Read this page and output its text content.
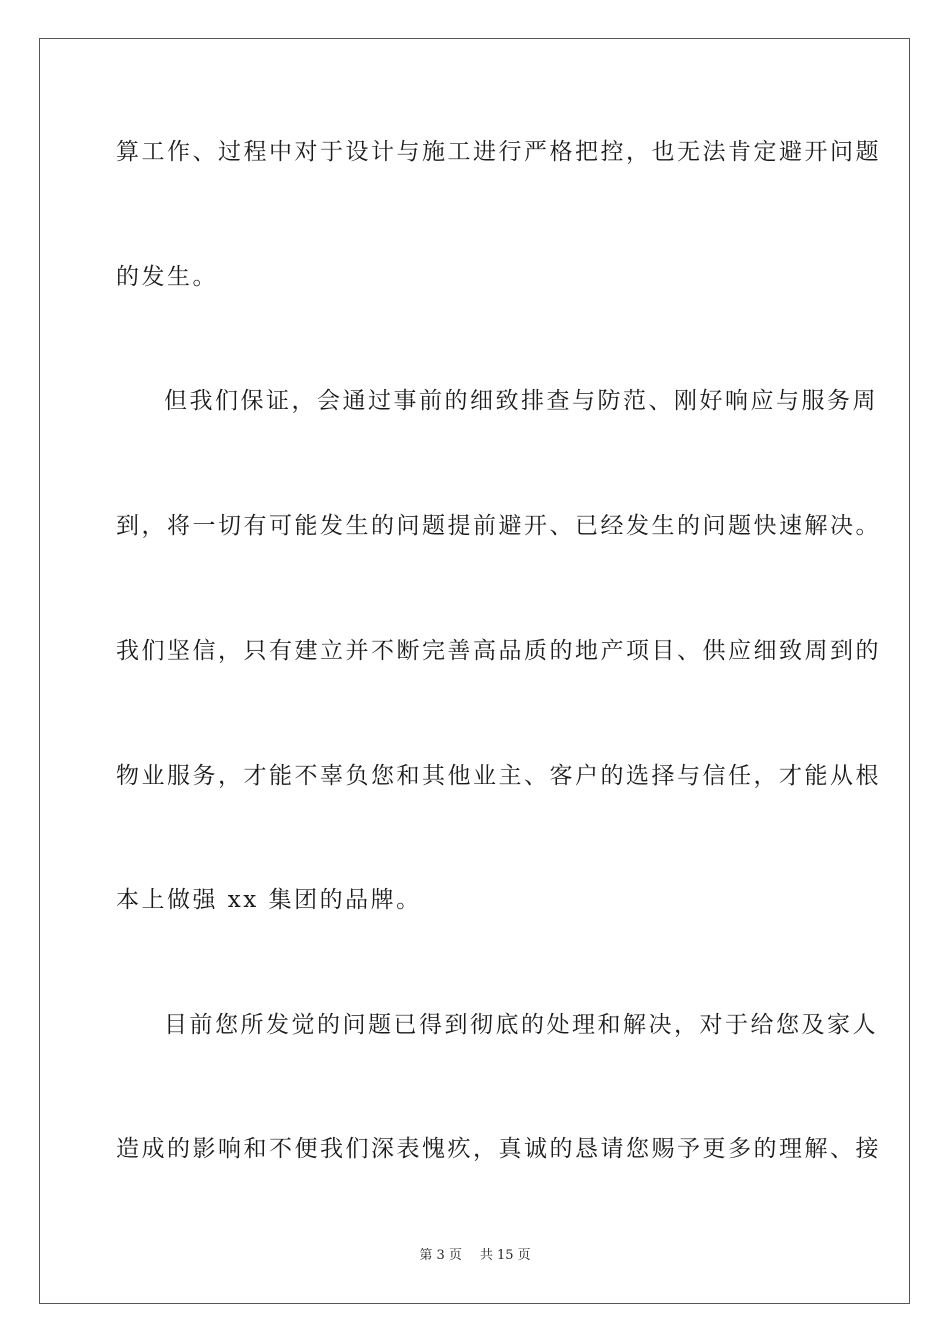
算工作、过程中对于设计与施工进行严格把控，也无法肯定避开问题
的发生。
但我们保证，会通过事前的细致排查与防范、刚好响应与服务周
到，将一切有可能发生的问题提前避开、已经发生的问题快速解决。
我们坚信，只有建立并不断完善高品质的地产项目、供应细致周到的
物业服务，才能不辜负您和其他业主、客户的选择与信任，才能从根
本上做强 xx 集团的品牌。
目前您所发觉的问题已得到彻底的处理和解决，对于给您及家人
造成的影响和不便我们深表愧疚，真诚的恳请您赐予更多的理解、接
第 3 页 共 15 页
